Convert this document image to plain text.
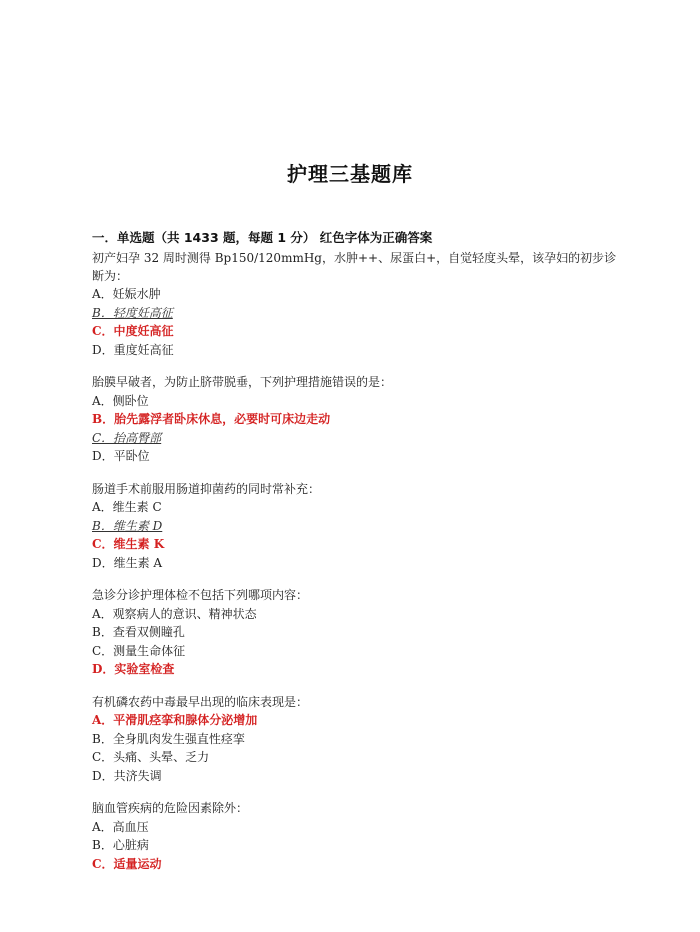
护理三基题库
一．单选题（共 1433 题，每题 1 分） 红色字体为正确答案
初产妇孕 32 周时测得 Bp150/120mmHg，水肿++、尿蛋白+，自觉轻度头晕，该孕妇的初步诊断为：
A．妊娠水肿
B．轻度妊高征
C．中度妊高征
D．重度妊高征
胎膜早破者，为防止脐带脱垂，下列护理措施错误的是：
A．侧卧位
B．胎先露浮者卧床休息，必要时可床边走动
C．抬高臀部
D．平卧位
肠道手术前服用肠道抑菌药的同时常补充：
A．维生素 C
B．维生素 D
C．维生素 K
D．维生素 A
急诊分诊护理体检不包括下列哪项内容：
A．观察病人的意识、精神状态
B．查看双侧瞳孔
C．测量生命体征
D．实验室检查
有机磷农药中毒最早出现的临床表现是：
A．平滑肌痉挛和腺体分泌增加
B．全身肌肉发生强直性痉挛
C．头痛、头晕、乏力
D．共济失调
脑血管疾病的危险因素除外：
A．高血压
B．心脏病
C．适量运动
